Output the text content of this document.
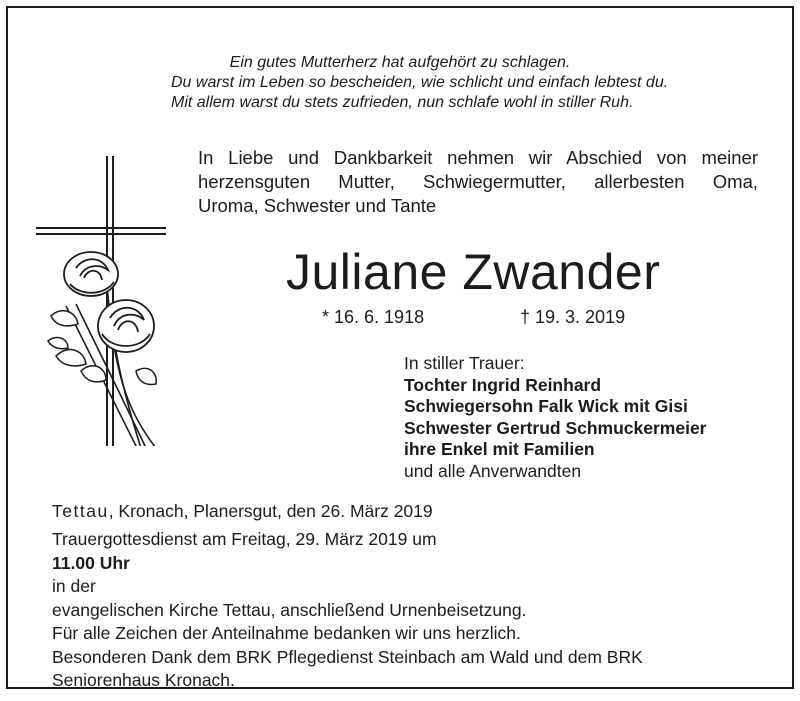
Ein gutes Mutterherz hat aufgehört zu schlagen.
Du warst im Leben so bescheiden, wie schlicht und einfach lebtest du.
Mit allem warst du stets zufrieden, nun schlafe wohl in stiller Ruh.
In Liebe und Dankbarkeit nehmen wir Abschied von meiner
herzensguten Mutter, Schwiegermutter, allerbesten Oma,
Uroma, Schwester und Tante
Juliane Zwander
* 16. 6. 1918	† 19. 3. 2019
In stiller Trauer:
Tochter Ingrid Reinhard
Schwiegersohn Falk Wick mit Gisi
Schwester Gertrud Schmuckermeier
ihre Enkel mit Familien
und alle Anverwandten
Tettau, Kronach, Planersgut, den 26. März 2019
Trauergottesdienst am Freitag, 29. März 2019 um
11.00 Uhr
in der
evangelischen Kirche Tettau, anschließend Urnenbeisetzung.
Für alle Zeichen der Anteilnahme bedanken wir uns herzlich.
Besonderen Dank dem BRK Pflegedienst Steinbach am Wald und dem BRK
Seniorenhaus Kronach.
